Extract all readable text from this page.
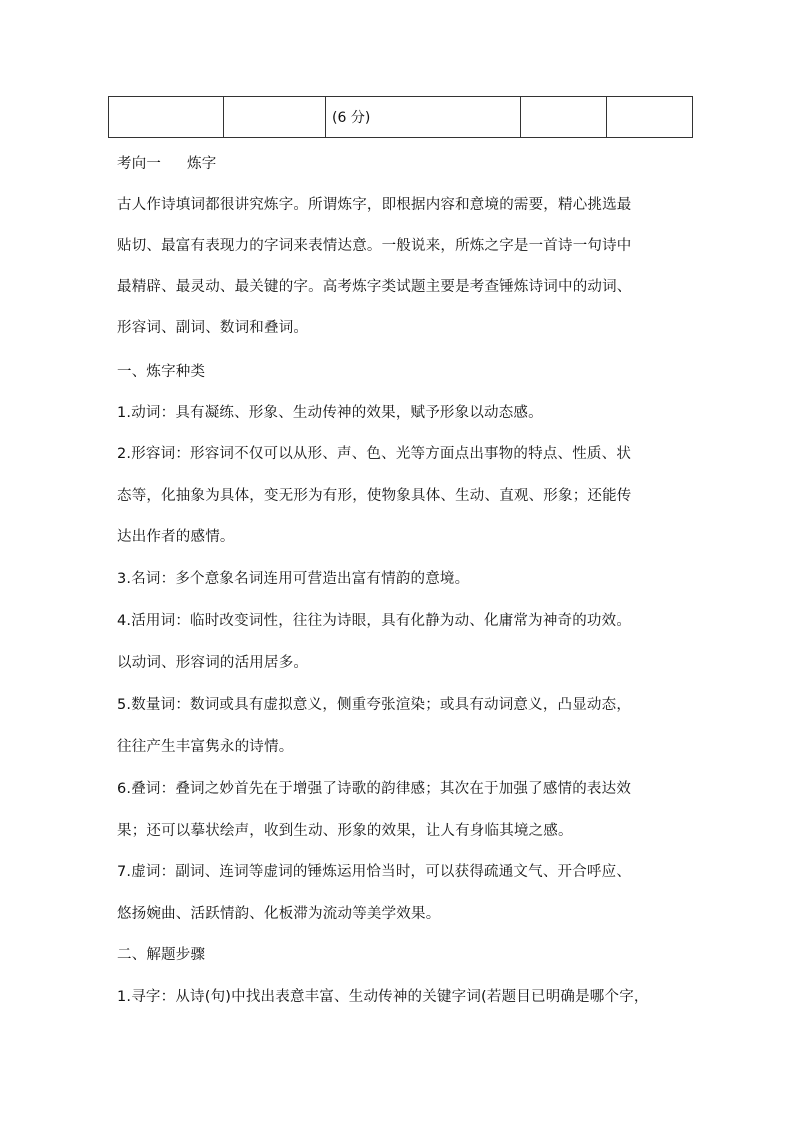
		(6 分)		
考向一 炼字
古人作诗填词都很讲究炼字。所谓炼字，即根据内容和意境的需要，精心挑选最
贴切、最富有表现力的字词来表情达意。一般说来，所炼之字是一首诗一句诗中
最精辟、最灵动、最关键的字。高考炼字类试题主要是考查锤炼诗词中的动词、
形容词、副词、数词和叠词。
一、炼字种类
1.动词：具有凝练、形象、生动传神的效果，赋予形象以动态感。
2.形容词：形容词不仅可以从形、声、色、光等方面点出事物的特点、性质、状
态等，化抽象为具体，变无形为有形，使物象具体、生动、直观、形象；还能传
达出作者的感情。
3.名词：多个意象名词连用可营造出富有情韵的意境。
4.活用词：临时改变词性，往往为诗眼，具有化静为动、化庸常为神奇的功效。
以动词、形容词的活用居多。
5.数量词：数词或具有虚拟意义，侧重夸张渲染；或具有动词意义，凸显动态，
往往产生丰富隽永的诗情。
6.叠词：叠词之妙首先在于增强了诗歌的韵律感；其次在于加强了感情的表达效
果；还可以摹状绘声，收到生动、形象的效果，让人有身临其境之感。
7.虚词：副词、连词等虚词的锤炼运用恰当时，可以获得疏通文气、开合呼应、
悠扬婉曲、活跃情韵、化板滞为流动等美学效果。
二、解题步骤
1.寻字：从诗(句)中找出表意丰富、生动传神的关键字词(若题目已明确是哪个字，
